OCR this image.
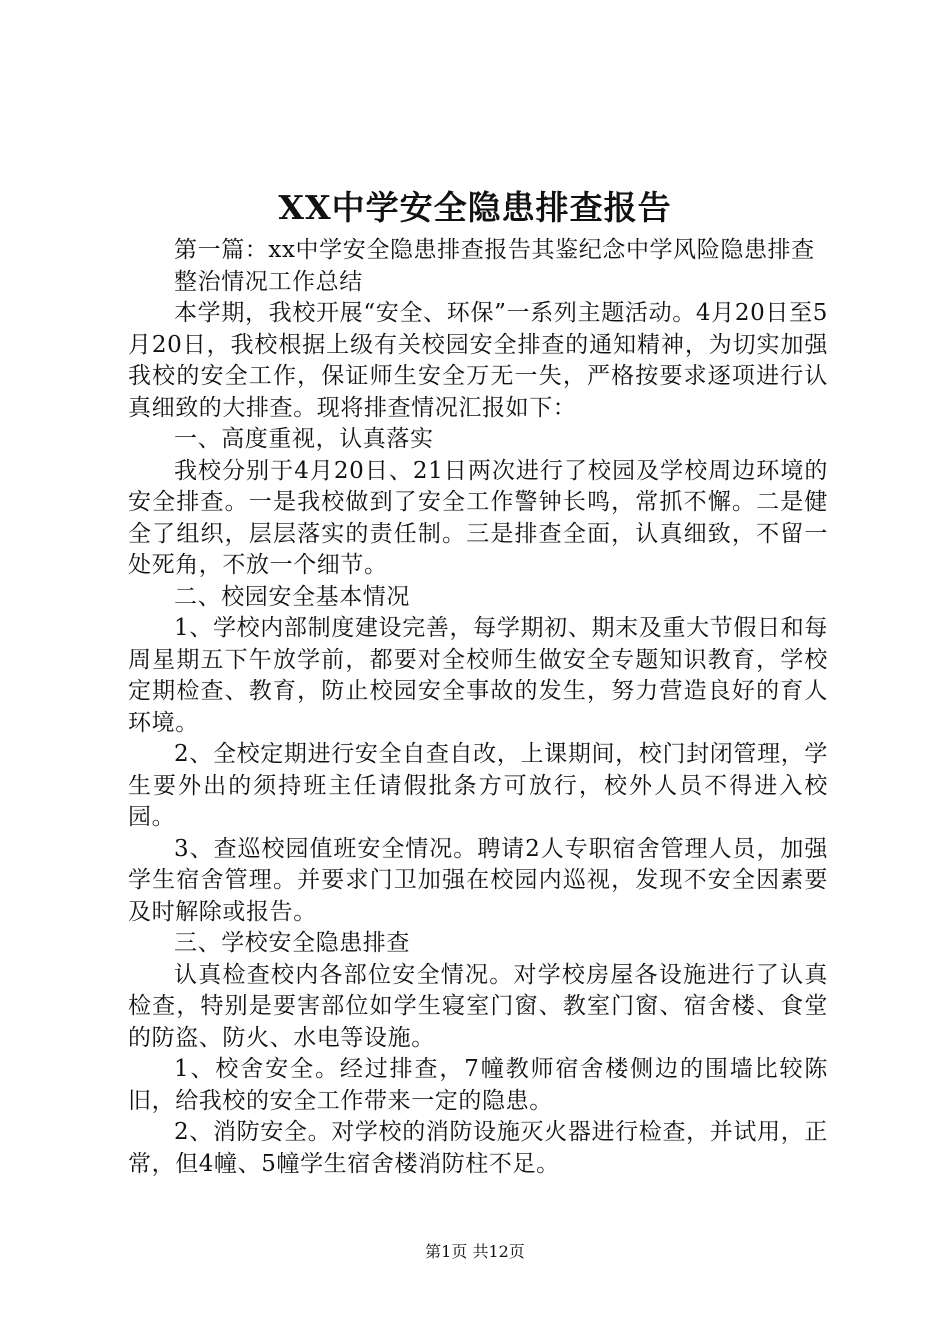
XX中学安全隐患排查报告

第一篇：xx中学安全隐患排查报告其鉴纪念中学风险隐患排查

整治情况工作总结

本学期，我校开展“安全、环保”一系列主题活动。4月20日至5月20日，我校根据上级有关校园安全排查的通知精神，为切实加强我校的安全工作，保证师生安全万无一失，严格按要求逐项进行认真细致的大排查。现将排查情况汇报如下：

一、高度重视，认真落实

我校分别于4月20日、21日两次进行了校园及学校周边环境的安全排查。一是我校做到了安全工作警钟长鸣，常抓不懈。二是健全了组织，层层落实的责任制。三是排查全面，认真细致，不留一处死角，不放一个细节。

二、校园安全基本情况

1、学校内部制度建设完善，每学期初、期末及重大节假日和每周星期五下午放学前，都要对全校师生做安全专题知识教育，学校定期检查、教育，防止校园安全事故的发生，努力营造良好的育人环境。

2、全校定期进行安全自查自改，上课期间，校门封闭管理，学生要外出的须持班主任请假批条方可放行，校外人员不得进入校园。

3、查巡校园值班安全情况。聘请2人专职宿舍管理人员，加强学生宿舍管理。并要求门卫加强在校园内巡视，发现不安全因素要及时解除或报告。

三、学校安全隐患排查

认真检查校内各部位安全情况。对学校房屋各设施进行了认真检查，特别是要害部位如学生寝室门窗、教室门窗、宿舍楼、食堂的防盗、防火、水电等设施。

1、校舍安全。经过排查，7幢教师宿舍楼侧边的围墙比较陈旧，给我校的安全工作带来一定的隐患。

2、消防安全。对学校的消防设施灭火器进行检查，并试用，正常，但4幢、5幢学生宿舍楼消防柱不足。

第1页 共12页
